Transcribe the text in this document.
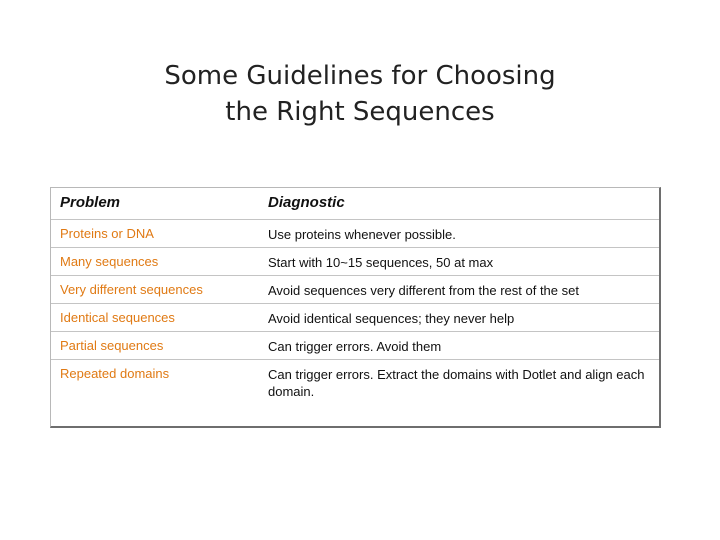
Some Guidelines for Choosing
the Right Sequences
Problem	Diagnostic
Proteins or DNA	Use proteins whenever possible.
Many sequences	Start with 10~15 sequences, 50 at max
Very different sequences	Avoid sequences very different from the rest of the set
Identical sequences	Avoid identical sequences; they never help
Partial sequences	Can trigger errors. Avoid them
Repeated domains	Can trigger errors. Extract the domains with Dotlet and align each domain.
